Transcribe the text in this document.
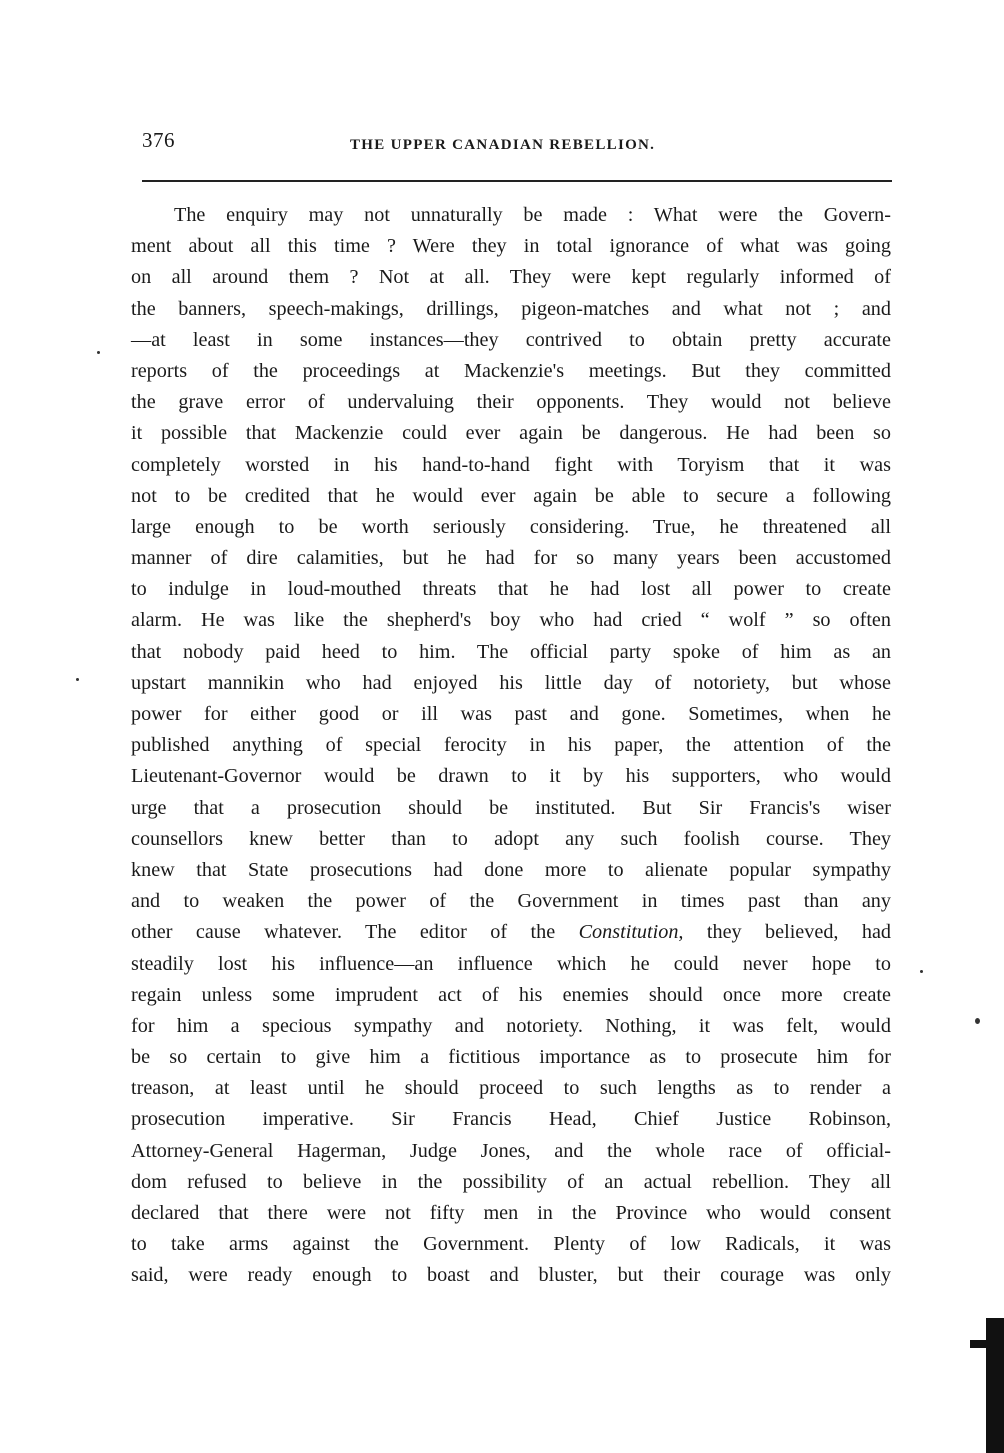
376	THE UPPER CANADIAN REBELLION.
The enquiry may not unnaturally be made : What were the Govern-
ment about all this time ? Were they in total ignorance of what was going
on all around them ? Not at all. They were kept regularly informed of
the banners, speech-makings, drillings, pigeon-matches and what not ; and
—at least in some instances—they contrived to obtain pretty accurate
reports of the proceedings at Mackenzie's meetings. But they committed
the grave error of undervaluing their opponents. They would not believe
it possible that Mackenzie could ever again be dangerous. He had been so
completely worsted in his hand-to-hand fight with Toryism that it was
not to be credited that he would ever again be able to secure a following
large enough to be worth seriously considering. True, he threatened all
manner of dire calamities, but he had for so many years been accustomed
to indulge in loud-mouthed threats that he had lost all power to create
alarm. He was like the shepherd's boy who had cried “ wolf ” so often
that nobody paid heed to him. The official party spoke of him as an
upstart mannikin who had enjoyed his little day of notoriety, but whose
power for either good or ill was past and gone. Sometimes, when he
published anything of special ferocity in his paper, the attention of the
Lieutenant-Governor would be drawn to it by his supporters, who would
urge that a prosecution should be instituted. But Sir Francis's wiser
counsellors knew better than to adopt any such foolish course. They
knew that State prosecutions had done more to alienate popular sympathy
and to weaken the power of the Government in times past than any
other cause whatever. The editor of the Constitution, they believed, had
steadily lost his influence—an influence which he could never hope to
regain unless some imprudent act of his enemies should once more create
for him a specious sympathy and notoriety. Nothing, it was felt, would
be so certain to give him a fictitious importance as to prosecute him for
treason, at least until he should proceed to such lengths as to render a
prosecution imperative. Sir Francis Head, Chief Justice Robinson,
Attorney-General Hagerman, Judge Jones, and the whole race of official-
dom refused to believe in the possibility of an actual rebellion. They all
declared that there were not fifty men in the Province who would consent
to take arms against the Government. Plenty of low Radicals, it was
said, were ready enough to boast and bluster, but their courage was only
